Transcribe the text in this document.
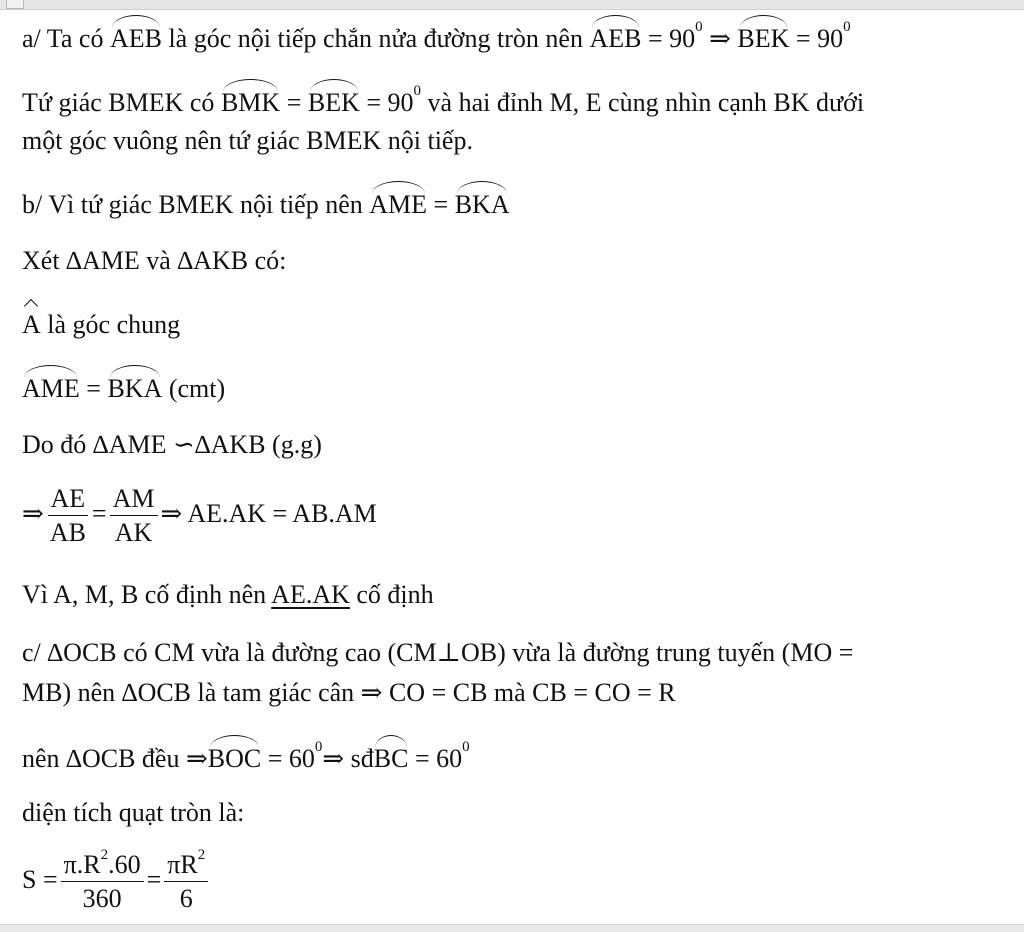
a/ Ta có AEB là góc nội tiếp chắn nửa đường tròn nên AEB = $90^0$ ⇒ BEK = $90^0$
Tứ giác BMEK có BMK = BEK = $90^0$ và hai đỉnh M, E cùng nhìn cạnh BK dưới
một góc vuông nên tứ giác BMEK nội tiếp.
b/ Vì tứ giác BMEK nội tiếp nên AME = BKA
Xét ∆AME và ∆AKB có:
A là góc chung
AME = BKA (cmt)
Do đó ∆AME ∽∆AKB (g.g)
⇒ $\frac{AE}{AB} = \frac{AM}{AK}$ ⇒ AE.AK = AB.AM
Vì A, M, B cố định nên AE.AK cố định
c/ ∆OCB có CM vừa là đường cao (CM⊥OB) vừa là đường trung tuyến (MO =
MB) nên ∆OCB là tam giác cân ⇒ CO = CB mà CB = CO = R
nên ∆OCB đều ⇒BOC = $60^0\Rightarrow$ sđBC = $60^0$
diện tích quạt tròn là:
$S = \frac{\pi.R^2.60}{360} = \frac{\pi R^2}{6}$
